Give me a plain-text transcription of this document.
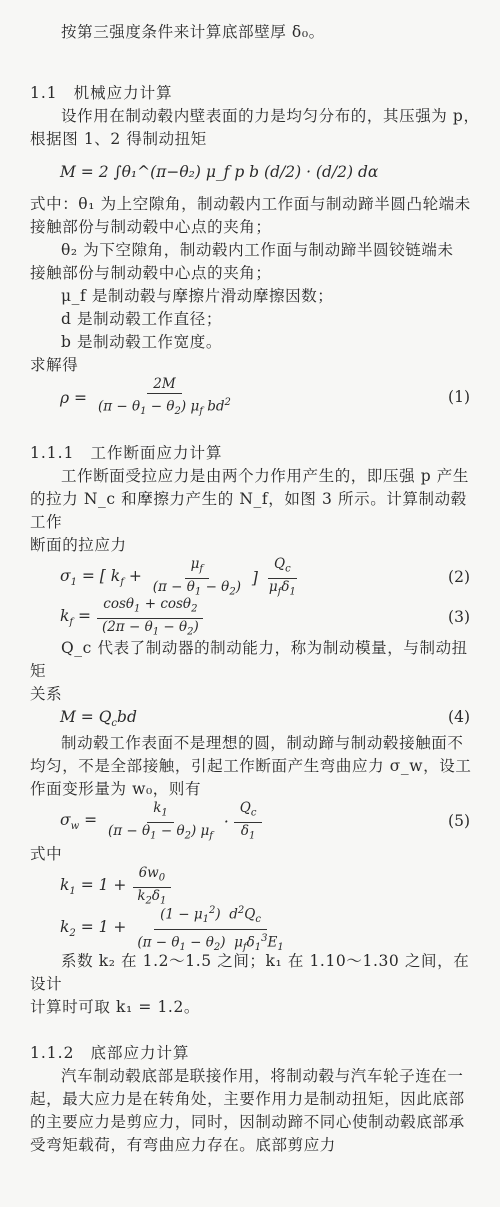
按第三强度条件来计算底部壁厚 δ₀。

1.1 机械应力计算

设作用在制动毂内壁表面的力是均匀分布的，其压强为 p，

根据图 1、2 得制动扭矩

M = 2 ∫θ₁^(π−θ₂) μ_f p b (d/2) · (d/2) dα

式中：θ₁ 为上空隙角，制动毂内工作面与制动蹄半圆凸轮端未

接触部份与制动毂中心点的夹角；

θ₂ 为下空隙角，制动毂内工作面与制动蹄半圆铰链端未

接触部份与制动毂中心点的夹角；

μ_f 是制动毂与摩擦片滑动摩擦因数；

d 是制动毂工作直径；

b 是制动毂工作宽度。

求解得

$\rho = \frac{2M}{(\pi - \theta_1 - \theta_2) \mu_f bd^2}$	(1)

1.1.1 工作断面应力计算

工作断面受拉应力是由两个力作用产生的，即压强 p 产生

的拉力 N_c 和摩擦力产生的 N_f，如图 3 所示。计算制动毂工作

断面的拉应力

$\sigma_1$ = [ $k_f + \frac{\mu_f}{(\pi - \theta_1 - \theta_2)}$ ] $\frac{Q_c}{\mu_f\delta_1}$	(2)
$k_f = \frac{\cos\theta_1 + \cos\theta_2}{(2\pi - \theta_1 - \theta_2)}$	(3)

Q_c 代表了制动器的制动能力，称为制动模量，与制动扭矩

关系

$M = Q_cbd$	(4)

制动毂工作表面不是理想的圆，制动蹄与制动毂接触面不

均匀，不是全部接触，引起工作断面产生弯曲应力 σ_w，设工

作面变形量为 w₀，则有

$\sigma_w = \frac{k_1}{(\pi - \theta_1 - \theta_2) \mu_f} \cdot \frac{Q_c}{\delta_1}$	(5)

式中

$k_1 = 1 + \frac{6w_0}{k_2\delta_1}$
$k_2 = 1 + \frac{(1 - \mu_1^2) d^2Q_c}{(\pi - \theta_1 - \theta_2) \mu_f\delta_1^3E_1}$

系数 k₂ 在 1.2～1.5 之间；k₁ 在 1.10～1.30 之间，在设计

计算时可取 k₁ = 1.2。

1.1.2 底部应力计算

汽车制动毂底部是联接作用，将制动毂与汽车轮子连在一

起，最大应力是在转角处，主要作用力是制动扭矩，因此底部

的主要应力是剪应力，同时，因制动蹄不同心使制动毂底部承

受弯矩载荷，有弯曲应力存在。底部剪应力
